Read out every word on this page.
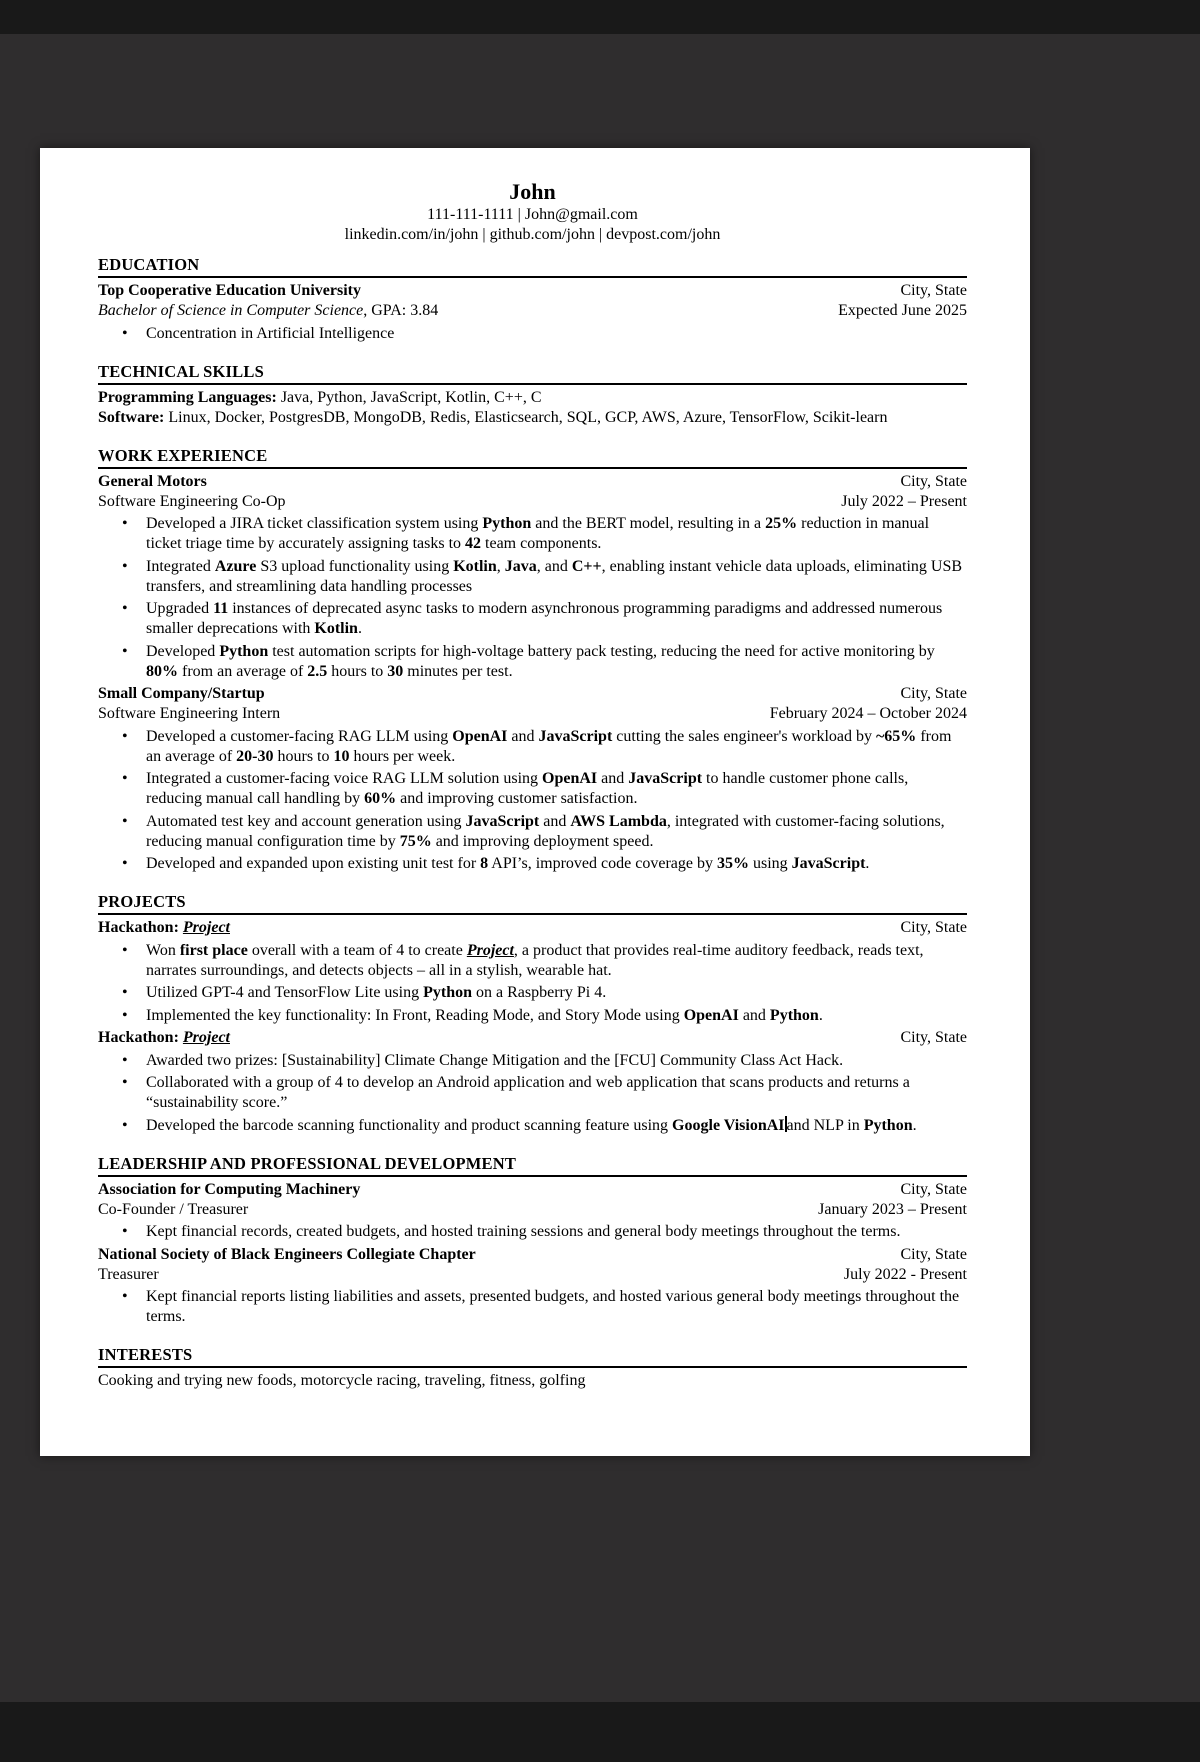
John
111-111-1111 | John@gmail.com
linkedin.com/in/john | github.com/john | devpost.com/john
EDUCATION
Top Cooperative Education University	City, State
Bachelor of Science in Computer Science, GPA: 3.84	Expected June 2025
•	Concentration in Artificial Intelligence
TECHNICAL SKILLS
Programming Languages: Java, Python, JavaScript, Kotlin, C++, C
Software: Linux, Docker, PostgresDB, MongoDB, Redis, Elasticsearch, SQL, GCP, AWS, Azure, TensorFlow, Scikit-learn
WORK EXPERIENCE
General Motors	City, State
Software Engineering Co-Op	July 2022 – Present
•	Developed a JIRA ticket classification system using Python and the BERT model, resulting in a 25% reduction in manual ticket triage time by accurately assigning tasks to 42 team components.
•	Integrated Azure S3 upload functionality using Kotlin, Java, and C++, enabling instant vehicle data uploads, eliminating USB transfers, and streamlining data handling processes
•	Upgraded 11 instances of deprecated async tasks to modern asynchronous programming paradigms and addressed numerous smaller deprecations with Kotlin.
•	Developed Python test automation scripts for high-voltage battery pack testing, reducing the need for active monitoring by 80% from an average of 2.5 hours to 30 minutes per test.
Small Company/Startup	City, State
Software Engineering Intern	February 2024 – October 2024
•	Developed a customer-facing RAG LLM using OpenAI and JavaScript cutting the sales engineer's workload by ~65% from an average of 20-30 hours to 10 hours per week.
•	Integrated a customer-facing voice RAG LLM solution using OpenAI and JavaScript to handle customer phone calls, reducing manual call handling by 60% and improving customer satisfaction.
•	Automated test key and account generation using JavaScript and AWS Lambda, integrated with customer-facing solutions, reducing manual configuration time by 75% and improving deployment speed.
•	Developed and expanded upon existing unit test for 8 API’s, improved code coverage by 35% using JavaScript.
PROJECTS
Hackathon: Project	City, State
•	Won first place overall with a team of 4 to create Project, a product that provides real-time auditory feedback, reads text, narrates surroundings, and detects objects – all in a stylish, wearable hat.
•	Utilized GPT-4 and TensorFlow Lite using Python on a Raspberry Pi 4.
•	Implemented the key functionality: In Front, Reading Mode, and Story Mode using OpenAI and Python.
Hackathon: Project	City, State
•	Awarded two prizes: [Sustainability] Climate Change Mitigation and the [FCU] Community Class Act Hack.
•	Collaborated with a group of 4 to develop an Android application and web application that scans products and returns a “sustainability score.”
•	Developed the barcode scanning functionality and product scanning feature using Google VisionAI and NLP in Python.
LEADERSHIP AND PROFESSIONAL DEVELOPMENT
Association for Computing Machinery	City, State
Co-Founder / Treasurer	January 2023 – Present
•	Kept financial records, created budgets, and hosted training sessions and general body meetings throughout the terms.
National Society of Black Engineers Collegiate Chapter	City, State
Treasurer	July 2022 - Present
•	Kept financial reports listing liabilities and assets, presented budgets, and hosted various general body meetings throughout the terms.
INTERESTS
Cooking and trying new foods, motorcycle racing, traveling, fitness, golfing
